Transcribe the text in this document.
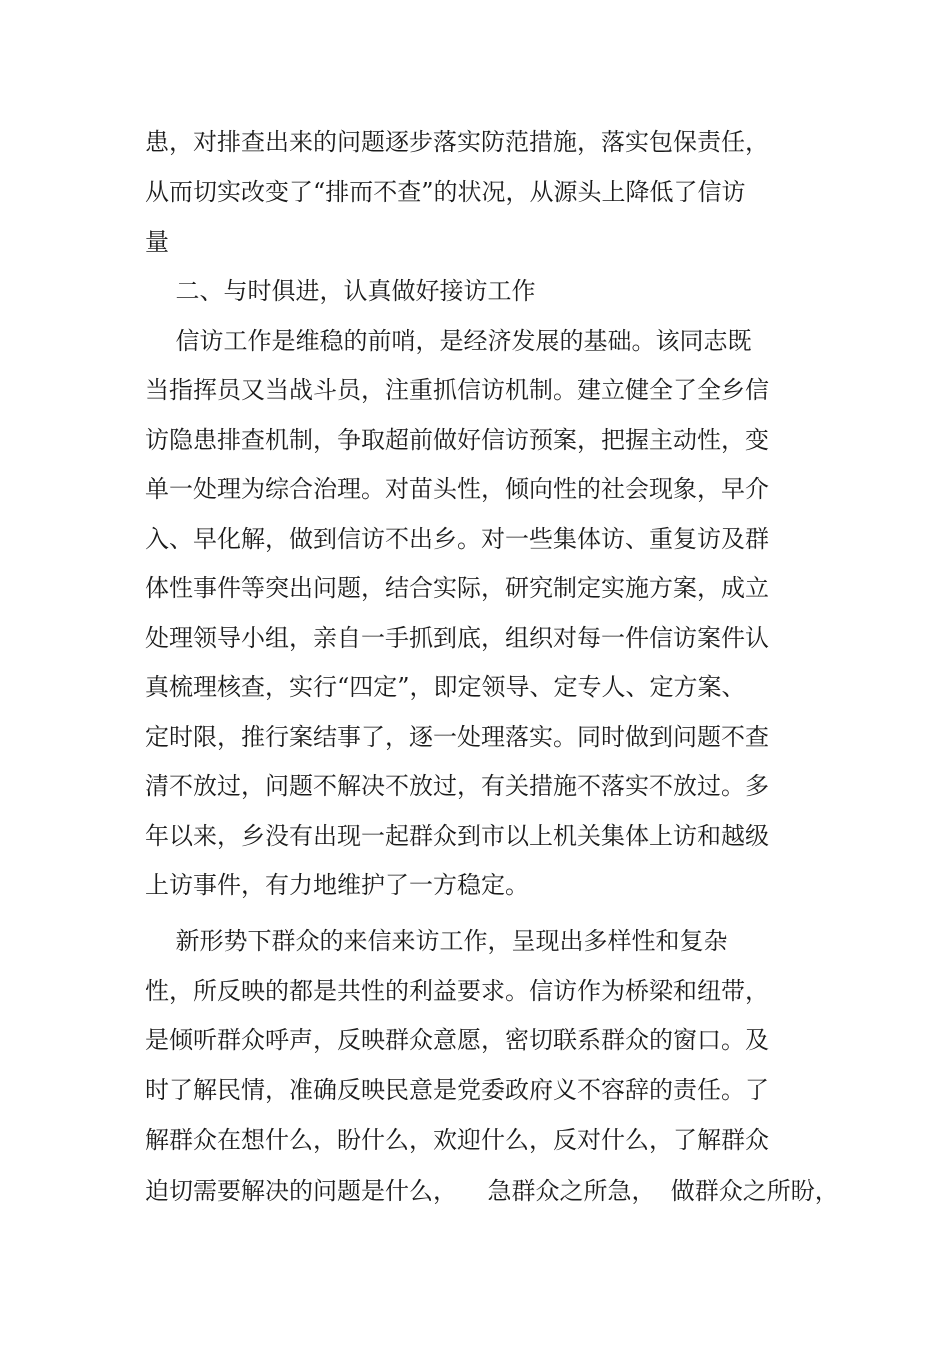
患，对排查出来的问题逐步落实防范措施，落实包保责任，
从而切实改变了“排而不查”的状况，从源头上降低了信访
量
二、与时俱进，认真做好接访工作
信访工作是维稳的前哨，是经济发展的基础。该同志既
当指挥员又当战斗员，注重抓信访机制。建立健全了全乡信
访隐患排查机制，争取超前做好信访预案，把握主动性，变
单一处理为综合治理。对苗头性，倾向性的社会现象，早介
入、早化解，做到信访不出乡。对一些集体访、重复访及群
体性事件等突出问题，结合实际，研究制定实施方案，成立
处理领导小组，亲自一手抓到底，组织对每一件信访案件认
真梳理核查，实行“四定”，即定领导、定专人、定方案、
定时限，推行案结事了，逐一处理落实。同时做到问题不查
清不放过，问题不解决不放过，有关措施不落实不放过。多
年以来，乡没有出现一起群众到市以上机关集体上访和越级
上访事件，有力地维护了一方稳定。
新形势下群众的来信来访工作，呈现出多样性和复杂
性，所反映的都是共性的利益要求。信访作为桥梁和纽带，
是倾听群众呼声，反映群众意愿，密切联系群众的窗口。及
时了解民情，准确反映民意是党委政府义不容辞的责任。了
解群众在想什么，盼什么，欢迎什么，反对什么，了解群众
迫切需要解决的问题是什么，    急群众之所急，  做群众之所盼，
